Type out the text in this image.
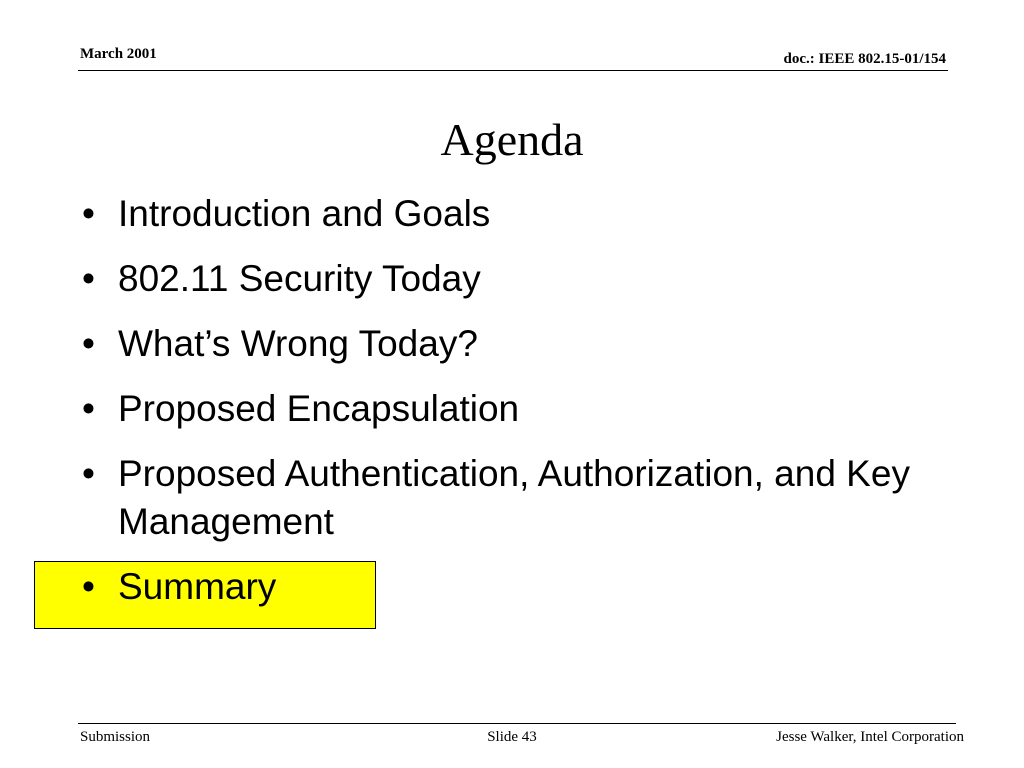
March 2001	doc.: IEEE 802.15-01/154
Agenda
• Introduction and Goals
• 802.11 Security Today
• What’s Wrong Today?
• Proposed Encapsulation
• Proposed Authentication, Authorization, and Key Management
• Summary
Submission	Slide 43	Jesse Walker, Intel Corporation
